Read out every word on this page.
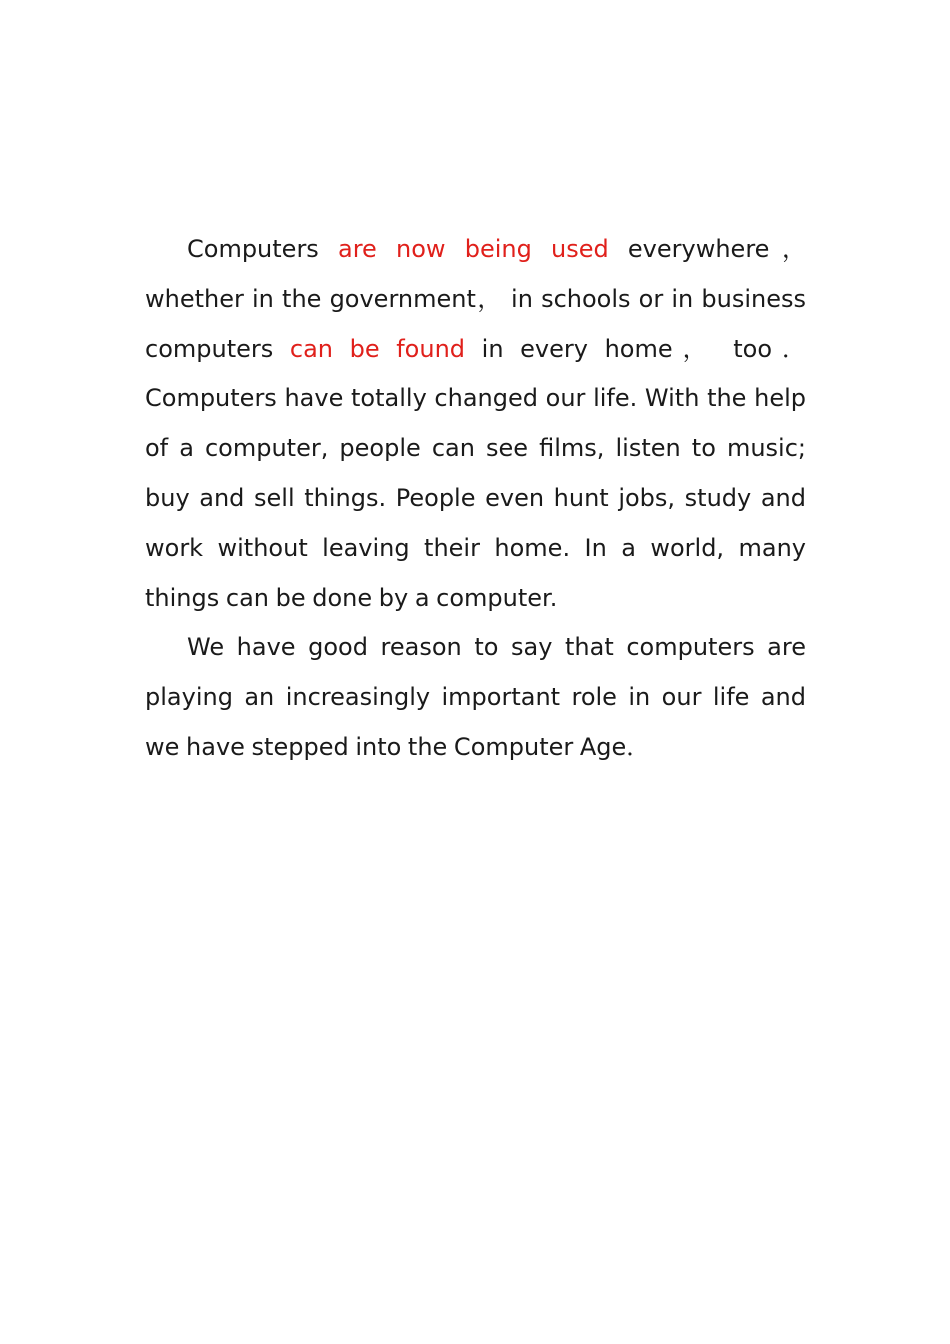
Computers are now being used everywhere， whether in the government， in schools or in business computers can be found in every home， too． Computers have totally changed our life. With the help of a computer, people can see films, listen to music; buy and sell things. People even hunt jobs, study and work without leaving their home. In a world, many things can be done by a computer.

We have good reason to say that computers are playing an increasingly important role in our life and we have stepped into the Computer Age．
